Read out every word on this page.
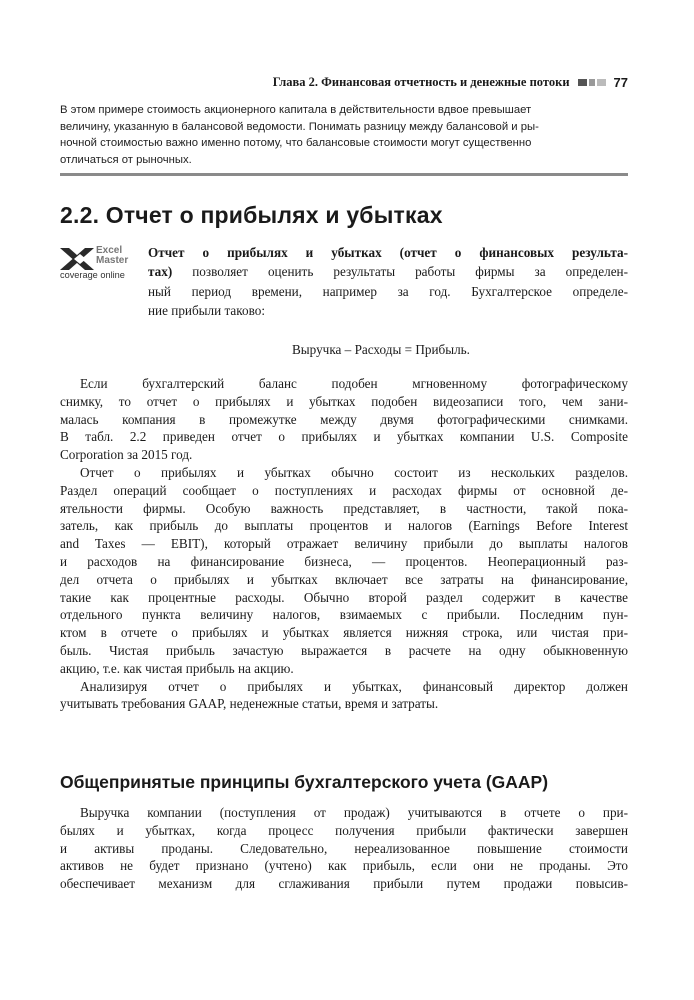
Глава 2. Финансовая отчетность и денежные потоки	77
В этом примере стоимость акционерного капитала в действительности вдвое превышает
величину, указанную в балансовой ведомости. Понимать разницу между балансовой и ры-
ночной стоимостью важно именно потому, что балансовые стоимости могут существенно
отличаться от рыночных.
2.2. Отчет о прибылях и убытках
Excel
Master
coverage online
Отчет о прибылях и убытках (отчет о финансовых результа-
тах) позволяет оценить результаты работы фирмы за определен-
ный период времени, например за год. Бухгалтерское определе-
ние прибыли таково:
Выручка – Расходы = Прибыль.
Если бухгалтерский баланс подобен мгновенному фотографическому
снимку, то отчет о прибылях и убытках подобен видеозаписи того, чем зани-
малась компания в промежутке между двумя фотографическими снимками.
В табл. 2.2 приведен отчет о прибылях и убытках компании U.S. Composite
Corporation за 2015 год.
Отчет о прибылях и убытках обычно состоит из нескольких разделов.
Раздел операций сообщает о поступлениях и расходах фирмы от основной де-
ятельности фирмы. Особую важность представляет, в частности, такой пока-
затель, как прибыль до выплаты процентов и налогов (Earnings Before Interest
and Taxes — EBIT), который отражает величину прибыли до выплаты налогов
и расходов на финансирование бизнеса, — процентов. Неоперационный раз-
дел отчета о прибылях и убытках включает все затраты на финансирование,
такие как процентные расходы. Обычно второй раздел содержит в качестве
отдельного пункта величину налогов, взимаемых с прибыли. Последним пун-
ктом в отчете о прибылях и убытках является нижняя строка, или чистая при-
быль. Чистая прибыль зачастую выражается в расчете на одну обыкновенную
акцию, т.е. как чистая прибыль на акцию.
Анализируя отчет о прибылях и убытках, финансовый директор должен
учитывать требования GAAP, неденежные статьи, время и затраты.
Общепринятые принципы бухгалтерского учета (GAAP)
Выручка компании (поступления от продаж) учитываются в отчете о при-
былях и убытках, когда процесс получения прибыли фактически завершен
и активы проданы. Следовательно, нереализованное повышение стоимости
активов не будет признано (учтено) как прибыль, если они не проданы. Это
обеспечивает механизм для сглаживания прибыли путем продажи повысив-
